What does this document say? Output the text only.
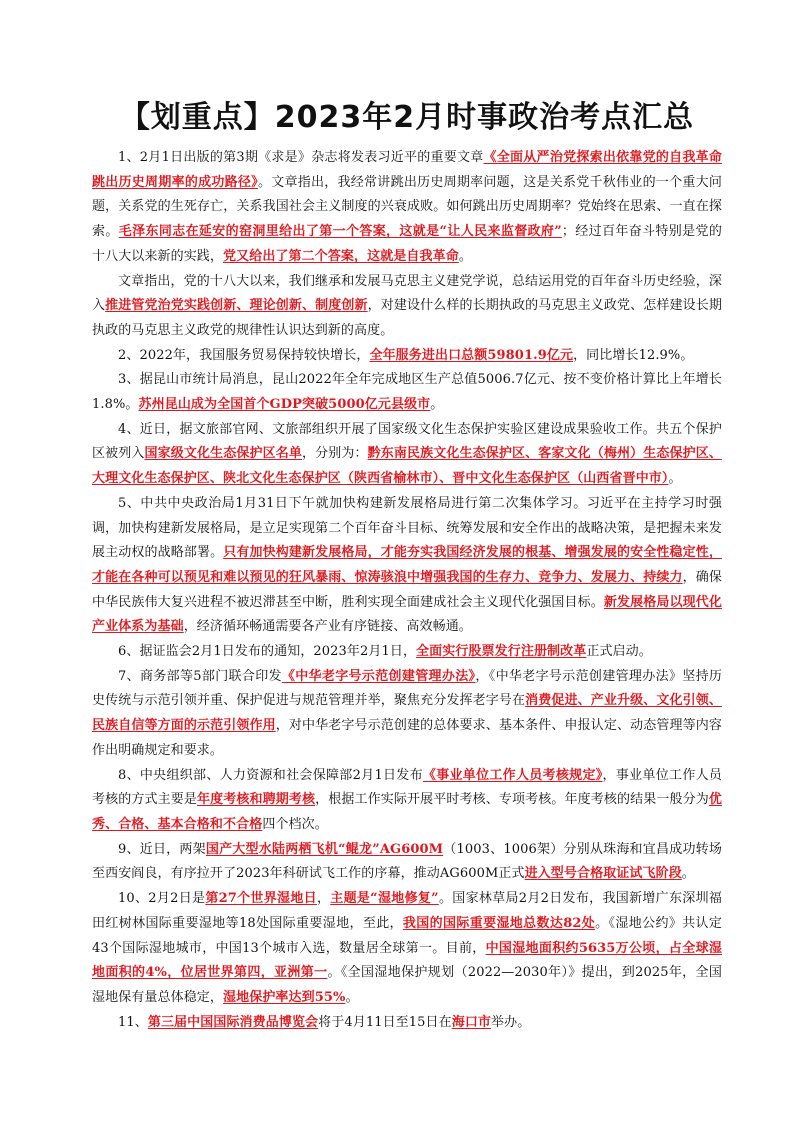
【划重点】2023年2月时事政治考点汇总

1、2月1日出版的第3期《求是》杂志将发表习近平的重要文章《全面从严治党探索出依靠党的自我革命跳出历史周期率的成功路径》。文章指出，我经常讲跳出历史周期率问题，这是关系党千秋伟业的一个重大问题，关系党的生死存亡，关系我国社会主义制度的兴衰成败。如何跳出历史周期率？党始终在思索、一直在探索。毛泽东同志在延安的窑洞里给出了第一个答案，这就是“让人民来监督政府”；经过百年奋斗特别是党的十八大以来新的实践，党又给出了第二个答案，这就是自我革命。

文章指出，党的十八大以来，我们继承和发展马克思主义建党学说，总结运用党的百年奋斗历史经验，深入推进管党治党实践创新、理论创新、制度创新，对建设什么样的长期执政的马克思主义政党、怎样建设长期执政的马克思主义政党的规律性认识达到新的高度。

2、2022年，我国服务贸易保持较快增长，全年服务进出口总额59801.9亿元，同比增长12.9%。

3、据昆山市统计局消息，昆山2022年全年完成地区生产总值5006.7亿元、按不变价格计算比上年增长1.8%。苏州昆山成为全国首个GDP突破5000亿元县级市。

4、近日，据文旅部官网、文旅部组织开展了国家级文化生态保护实验区建设成果验收工作。共五个保护区被列入国家级文化生态保护区名单，分别为：黔东南民族文化生态保护区、客家文化（梅州）生态保护区、大理文化生态保护区、陕北文化生态保护区（陕西省榆林市）、晋中文化生态保护区（山西省晋中市）。

5、中共中央政治局1月31日下午就加快构建新发展格局进行第二次集体学习。习近平在主持学习时强调，加快构建新发展格局，是立足实现第二个百年奋斗目标、统筹发展和安全作出的战略决策，是把握未来发展主动权的战略部署。只有加快构建新发展格局，才能夯实我国经济发展的根基、增强发展的安全性稳定性，才能在各种可以预见和难以预见的狂风暴雨、惊涛骇浪中增强我国的生存力、竞争力、发展力、持续力，确保中华民族伟大复兴进程不被迟滞甚至中断，胜利实现全面建成社会主义现代化强国目标。新发展格局以现代化产业体系为基础，经济循环畅通需要各产业有序链接、高效畅通。

6、据证监会2月1日发布的通知，2023年2月1日，全面实行股票发行注册制改革正式启动。

7、商务部等5部门联合印发《中华老字号示范创建管理办法》，《中华老字号示范创建管理办法》坚持历史传统与示范引领并重、保护促进与规范管理并举，聚焦充分发挥老字号在消费促进、产业升级、文化引领、民族自信等方面的示范引领作用，对中华老字号示范创建的总体要求、基本条件、申报认定、动态管理等内容作出明确规定和要求。

8、中央组织部、人力资源和社会保障部2月1日发布《事业单位工作人员考核规定》，事业单位工作人员考核的方式主要是年度考核和聘期考核，根据工作实际开展平时考核、专项考核。年度考核的结果一般分为优秀、合格、基本合格和不合格四个档次。

9、近日，两架国产大型水陆两栖飞机“鲲龙”AG600M（1003、1006架）分别从珠海和宜昌成功转场至西安阎良，有序拉开了2023年科研试飞工作的序幕，推动AG600M正式进入型号合格取证试飞阶段。

10、2月2日是第27个世界湿地日，主题是“湿地修复”。国家林草局2月2日发布，我国新增广东深圳福田红树林国际重要湿地等18处国际重要湿地，至此，我国的国际重要湿地总数达82处。《湿地公约》共认定43个国际湿地城市，中国13个城市入选，数量居全球第一。目前，中国湿地面积约5635万公顷，占全球湿地面积的4%，位居世界第四，亚洲第一。《全国湿地保护规划（2022—2030年）》提出，到2025年，全国湿地保有量总体稳定，湿地保护率达到55%。

11、第三届中国国际消费品博览会将于4月11日至15日在海口市举办。
